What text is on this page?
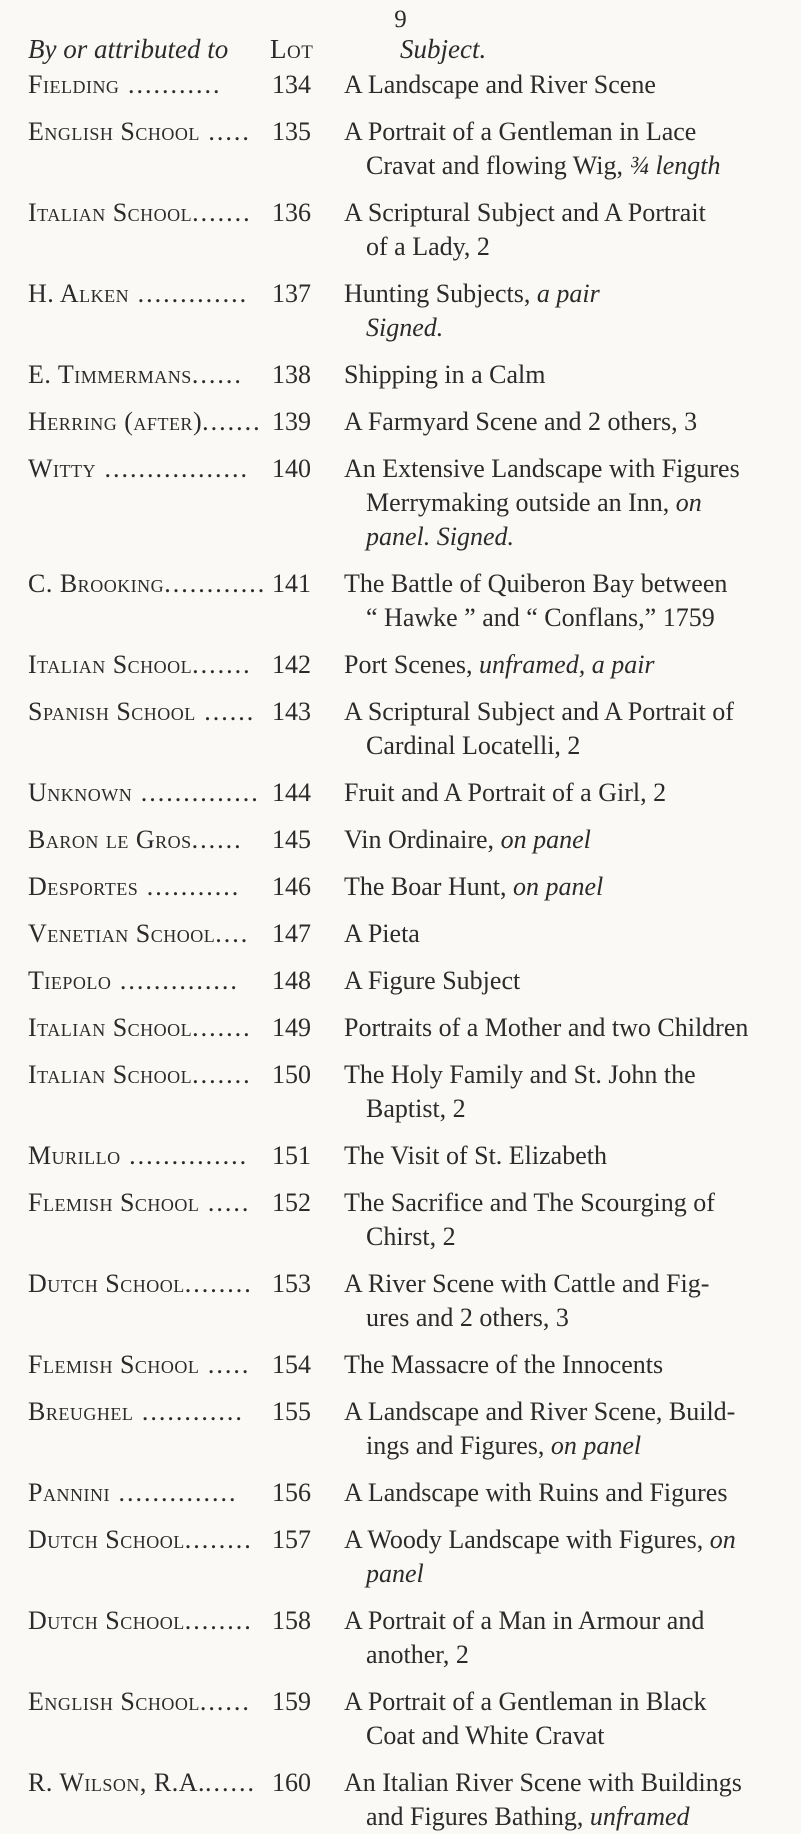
9
By or attributed to Lot	Subject.
Fielding ...........	134	A Landscape and River Scene
English School ..... 135	A Portrait of a Gentleman in Lace
Cravat and flowing Wig, ¾ length
Italian School....... 136	A Scriptural Subject and A Portrait
of a Lady, 2
H. Alken ............. 137	Hunting Subjects, a pair
Signed.
E. Timmermans......	138	Shipping in a Calm
Herring (after)....... 139	A Farmyard Scene and 2 others, 3
Witty ................. 140	An Extensive Landscape with Figures
Merrymaking outside an Inn, on
panel. Signed.
C. Brooking............ 141	The Battle of Quiberon Bay between
“ Hawke ” and “ Conflans,” 1759
Italian School....... 142	Port Scenes, unframed, a pair
Spanish School ...... 143	A Scriptural Subject and A Portrait of
Cardinal Locatelli, 2
Unknown .............. 144	Fruit and A Portrait of a Girl, 2
Baron le Gros......	145	Vin Ordinaire, on panel
Desportes ...........	146	The Boar Hunt, on panel
Venetian School.... 147	A Pieta
Tiepolo ..............	148	A Figure Subject
Italian School....... 149	Portraits of a Mother and two Children
Italian School....... 150	The Holy Family and St. John the
Baptist, 2
Murillo .............. 151	The Visit of St. Elizabeth
Flemish School ..... 152	The Sacrifice and The Scourging of
Chirst, 2
Dutch School........ 153	A River Scene with Cattle and Fig-
ures and 2 others, 3
Flemish School ..... 154	The Massacre of the Innocents
Breughel ............	155	A Landscape and River Scene, Build-
ings and Figures, on panel
Pannini ..............	156	A Landscape with Ruins and Figures
Dutch School........ 157	A Woody Landscape with Figures, on
panel
Dutch School........ 158	A Portrait of a Man in Armour and
another, 2
English School...... 159	A Portrait of a Gentleman in Black
Coat and White Cravat
R. Wilson, R.A....... 160	An Italian River Scene with Buildings
and Figures Bathing, unframed
